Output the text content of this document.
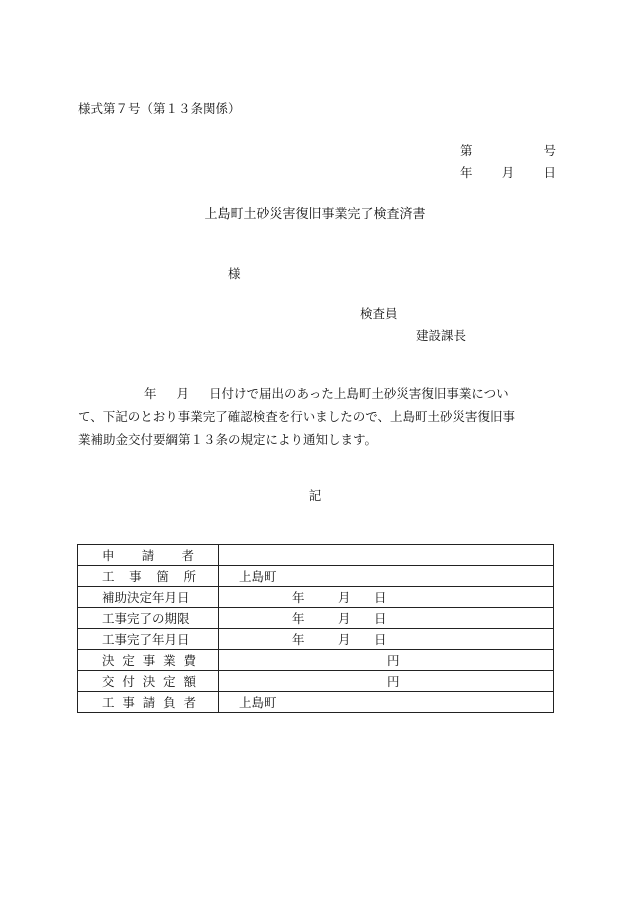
様式第７号（第１３条関係）
第	号
年 月 日
上島町土砂災害復旧事業完了検査済書
様
検査員
建設課長
年 月 日付けで届出のあった上島町土砂災害復旧事業につい
て、下記のとおり事業完了確認検査を行いましたので、上島町土砂災害復旧事
業補助金交付要綱第１３条の規定により通知します。
記
申 請 者	

工 事 箇 所	上島町

補助決定年月日	年 月 日

工事完了の期限	年 月 日

工事完了年月日	年 月 日

決 定 事 業 費	円

交 付 決 定 額	円

工 事 請 負 者	上島町
